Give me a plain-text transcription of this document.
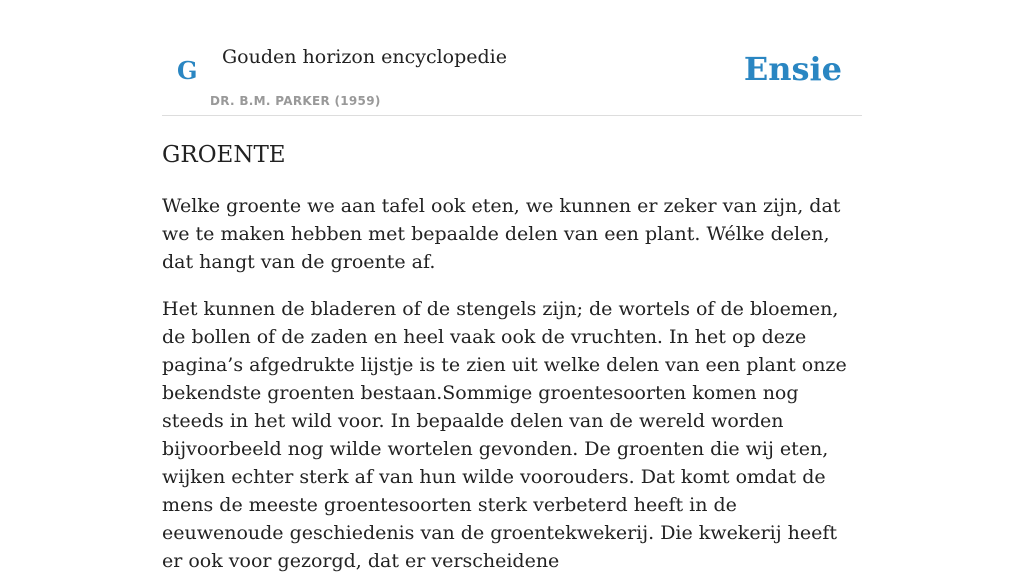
G Gouden horizon encyclopedie
DR. B.M. PARKER (1959)
Ensie
GROENTE

Welke groente we aan tafel ook eten, we kunnen er zeker van zijn, dat we te maken hebben met bepaalde delen van een plant. Wélke delen, dat hangt van de groente af.

Het kunnen de bladeren of de stengels zijn; de wortels of de bloemen, de bollen of de zaden en heel vaak ook de vruchten. In het op deze pagina’s afgedrukte lijstje is te zien uit welke delen van een plant onze bekendste groenten bestaan.Sommige groentesoorten komen nog steeds in het wild voor. In bepaalde delen van de wereld worden bijvoorbeeld nog wilde wortelen gevonden. De groenten die wij eten, wijken echter sterk af van hun wilde voorouders. Dat komt omdat de mens de meeste groentesoorten sterk verbeterd heeft in de eeuwenoude geschiedenis van de groentekwekerij. Die kwekerij heeft er ook voor gezorgd, dat er verscheidene
